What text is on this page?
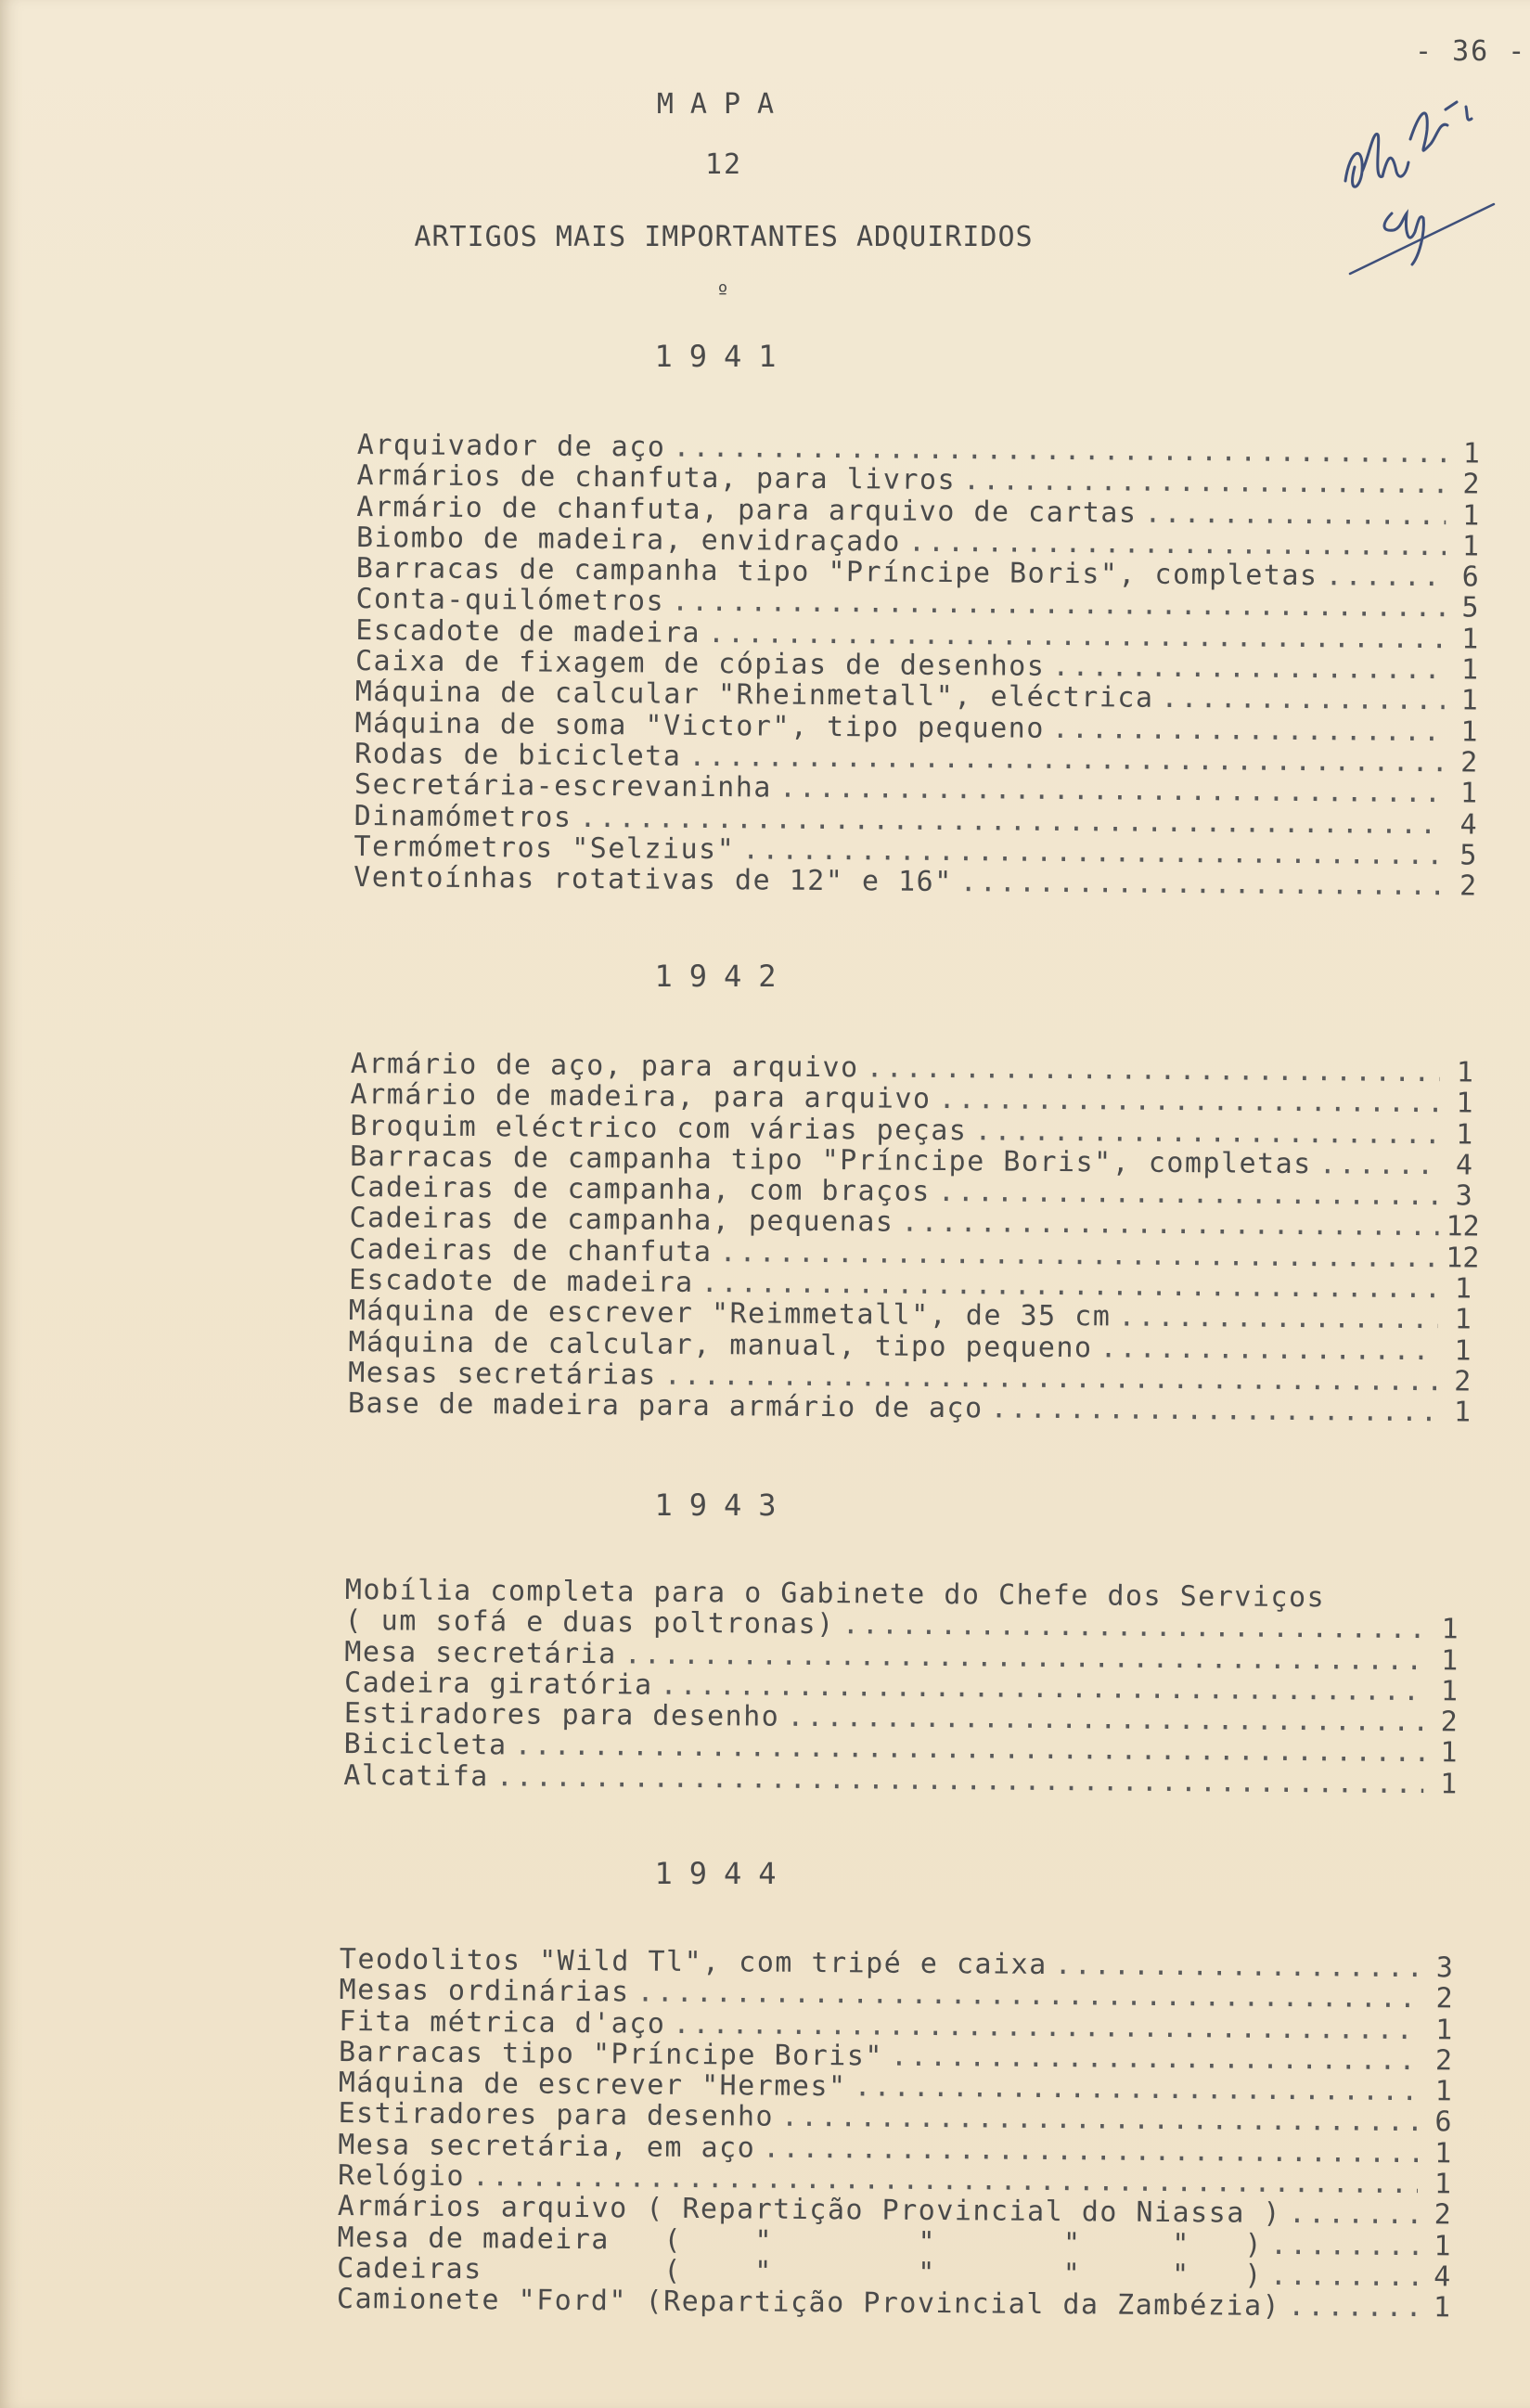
- 36 -
MAPA
12
ARTIGOS MAIS IMPORTANTES ADQUIRIDOS
º
1941
Arquivador de aço .....	1
Armários de chanfuta, para livros .....	2
Armário de chanfuta, para arquivo de cartas .....	1
Biombo de madeira, envidraçado .....	1
Barracas de campanha tipo "Príncipe Boris", completas .....	6
Conta-quilómetros .....	5
Escadote de madeira .....	1
Caixa de fixagem de cópias de desenhos .....	1
Máquina de calcular "Rheinmetall", eléctrica .....	1
Máquina de soma "Victor", tipo pequeno .....	1
Rodas de bicicleta .....	2
Secretária-escrevaninha .....	1
Dinamómetros .....	4
Termómetros "Selzius" .....	5
Ventoínhas rotativas de 12" e 16" .....	2
1942
Armário de aço, para arquivo .....	1
Armário de madeira, para arquivo .....	1
Broquim eléctrico com várias peças .....	1
Barracas de campanha tipo "Príncipe Boris", completas .....	4
Cadeiras de campanha, com braços .....	3
Cadeiras de campanha, pequenas .....	12
Cadeiras de chanfuta .....	12
Escadote de madeira .....	1
Máquina de escrever "Reimmetall", de 35 cm .....	1
Máquina de calcular, manual, tipo pequeno .....	1
Mesas secretárias .....	2
Base de madeira para armário de aço .....	1
1943
Mobília completa para o Gabinete do Chefe dos Serviços
( um sofá e duas poltronas) .....	1
Mesa secretária .....	1
Cadeira giratória .....	1
Estiradores para desenho .....	2
Bicicleta .....	1
Alcatifa .....	1
1944
Teodolitos "Wild Tl", com tripé e caixa .....	3
Mesas ordinárias .....	2
Fita métrica d'aço .....	1
Barracas tipo "Príncipe Boris" .....	2
Máquina de escrever "Hermes" .....	1
Estiradores para desenho .....	6
Mesa secretária, em aço .....	1
Relógio .....	1
Armários arquivo ( Repartição Provincial do Niassa ) .....	2
Mesa de madeira   (    "        "       "     "   ) .....	1
Cadeiras          (    "        "       "     "   ) .....	4
Camionete "Ford" (Repartição Provincial da Zambézia) .....	1
